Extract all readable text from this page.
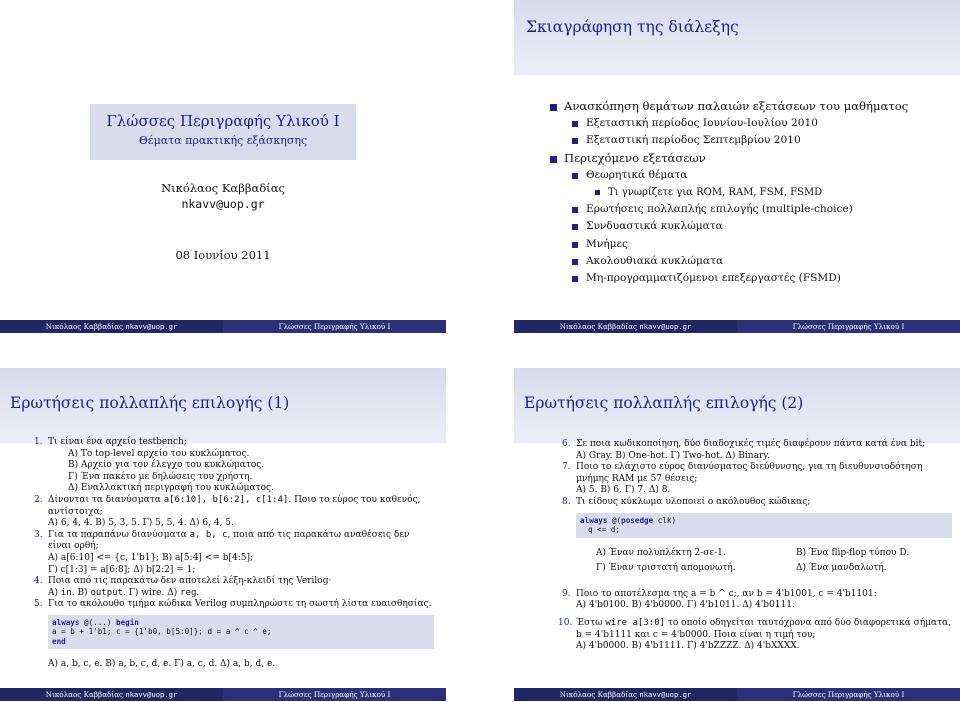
Γλώσσες Περιγραφής Υλικού Ι
Θέματα πρακτικής εξάσκησης
Νικόλαος Καββαδίας
nkavv@uop.gr
08 Ιουνίου 2011
Νικόλαος Καββαδίας nkavv@uop.gr	Γλώσσες Περιγραφής Υλικού Ι
Σκιαγράφηση της διάλεξης
Ανασκόπηση θεμάτων παλαιών εξετάσεων του μαθήματος
Εξεταστική περίοδος Ιουνίου-Ιουλίου 2010
Εξεταστική περίοδος Σεπτεμβρίου 2010
Περιεχόμενο εξετάσεων
Θεωρητικά θέματα
Τι γνωρίζετε για ROM, RAM, FSM, FSMD
Ερωτήσεις πολλαπλής επιλογής (multiple-choice)
Συνδυαστικά κυκλώματα
Μνήμες
Ακολουθιακά κυκλώματα
Μη-προγραμματιζόμενοι επεξεργαστές (FSMD)
Νικόλαος Καββαδίας nkavv@uop.gr	Γλώσσες Περιγραφής Υλικού Ι
Ερωτήσεις πολλαπλής επιλογής (1)
1. Τι είναι ένα αρχείο testbench;
Α) Το top-level αρχείο του κυκλώματος.
Β) Αρχείο για τον έλεγχο του κυκλώματος.
Γ) Ένα πακέτο με δηλώσεις του χρήστη.
Δ) Εναλλακτική περιγραφή του κυκλώματος.
2. Δίνονται τα διανύσματα a[6:10], b[6:2], c[1:4]. Ποιο το εύρος του καθενός, αντίστοιχα;
Α) 6, 4, 4. Β) 5, 3, 5. Γ) 5, 5, 4. Δ) 6, 4, 5.
3. Για τα παραπάνω διανύσματα a, b, c, ποια από τις παρακάτω αναθέσεις δεν είναι ορθή;
Α) a[6:10] <= {c, 1'b1}; Β) a[5:4] <= b[4:5];
Γ) c[1:3] = a[6:8]; Δ) b[2:2] = 1;
4. Ποια από τις παρακάτω δεν αποτελεί λέξη-κλειδί της Verilog·
Α) in. Β) output. Γ) wire. Δ) reg.
5. Για το ακόλουθο τμήμα κώδικα Verilog συμπληρώστε τη σωστή λίστα ευαισθησίας.
always @(...) begin
a = b + 1'b1; c = {1'b0, b[5:0]}; d = a ^ c ^ e;
end
Α) a, b, c, e. Β) a, b, c, d, e. Γ) a, c, d. Δ) a, b, d, e.
Νικόλαος Καββαδίας nkavv@uop.gr	Γλώσσες Περιγραφής Υλικού Ι
Ερωτήσεις πολλαπλής επιλογής (2)
6. Σε ποια κωδικοποίηση, δύο διαδοχικές τιμές διαφέρουν πάντα κατά ένα bit;
Α) Gray. Β) One-hot. Γ) Two-hot. Δ) Binary.
7. Ποιο το ελάχιστο εύρος διανύσματος διεύθυνσης, για τη διευθυνσιοδότηση μνήμης RAM με 57 θέσεις;
Α) 5. Β) 6. Γ) 7. Δ) 8.
8. Τι είδους κύκλωμα υλοποιεί ο ακόλουθος κώδικας;
always @(posedge clk)
q <= d;
Α) Έναν πολυπλέκτη 2-σε-1.	Β) Ένα flip-flop τύπου D.
Γ) Έναν τριστατή απομονωτή.	Δ) Ένα μανδαλωτή.
9. Ποιο το αποτέλεσμα της a = b ^ c;, αν b = 4'b1001, c = 4'b1101:
Α) 4'b0100. Β) 4'b0000. Γ) 4'b1011. Δ) 4'b0111.
10. Έστω wire a[3:0] το οποίο οδηγείται ταυτόχρονα από δύο διαφορετικά σήματα, b = 4'b1111 και c = 4'b0000. Ποια είναι η τιμή του;
Α) 4'b0000. Β) 4'b1111. Γ) 4'bZZZZ. Δ) 4'bXXXX.
Νικόλαος Καββαδίας nkavv@uop.gr	Γλώσσες Περιγραφής Υλικού Ι
